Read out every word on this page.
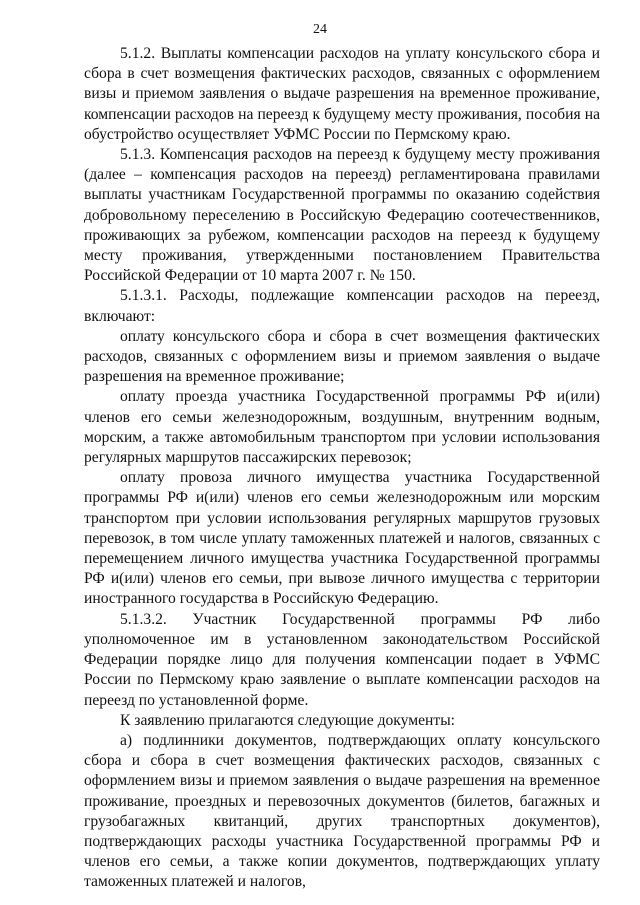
24

5.1.2. Выплаты компенсации расходов на уплату консульского сбора и сбора в счет возмещения фактических расходов, связанных с оформлением визы и приемом заявления о выдаче разрешения на временное проживание, компенсации расходов на переезд к будущему месту проживания, пособия на обустройство осуществляет УФМС России по Пермскому краю.

5.1.3. Компенсация расходов на переезд к будущему месту проживания (далее – компенсация расходов на переезд) регламентирована правилами выплаты участникам Государственной программы по оказанию содействия добровольному переселению в Российскую Федерацию соотечественников, проживающих за рубежом, компенсации расходов на переезд к будущему месту проживания, утвержденными постановлением Правительства Российской Федерации от 10 марта 2007 г. № 150.

5.1.3.1. Расходы, подлежащие компенсации расходов на переезд, включают:

оплату консульского сбора и сбора в счет возмещения фактических расходов, связанных с оформлением визы и приемом заявления о выдаче разрешения на временное проживание;

оплату проезда участника Государственной программы РФ и(или) членов его семьи железнодорожным, воздушным, внутренним водным, морским, а также автомобильным транспортом при условии использования регулярных маршрутов пассажирских перевозок;

оплату провоза личного имущества участника Государственной программы РФ и(или) членов его семьи железнодорожным или морским транспортом при условии использования регулярных маршрутов грузовых перевозок, в том числе уплату таможенных платежей и налогов, связанных с перемещением личного имущества участника Государственной программы РФ и(или) членов его семьи, при вывозе личного имущества с территории иностранного государства в Российскую Федерацию.

5.1.3.2. Участник Государственной программы РФ либо уполномоченное им в установленном законодательством Российской Федерации порядке лицо для получения компенсации подает в УФМС России по Пермскому краю заявление о выплате компенсации расходов на переезд по установленной форме.

К заявлению прилагаются следующие документы:

а) подлинники документов, подтверждающих оплату консульского сбора и сбора в счет возмещения фактических расходов, связанных с оформлением визы и приемом заявления о выдаче разрешения на временное проживание, проездных и перевозочных документов (билетов, багажных и грузобагажных квитанций, других транспортных документов), подтверждающих расходы участника Государственной программы РФ и членов его семьи, а также копии документов, подтверждающих уплату таможенных платежей и налогов,
